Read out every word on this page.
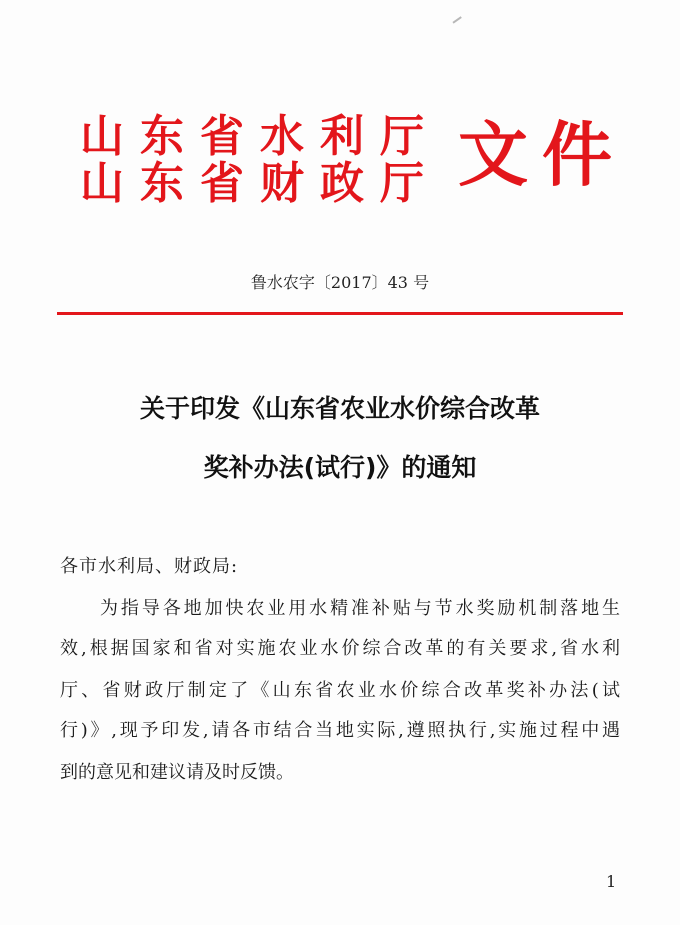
山东省水利厅
山东省财政厅 文件
鲁水农字〔2017〕43 号
关于印发《山东省农业水价综合改革
奖补办法(试行)》的通知
各市水利局、财政局:
为指导各地加快农业用水精准补贴与节水奖励机制落地生
效,根据国家和省对实施农业水价综合改革的有关要求,省水利
厅、省财政厅制定了《山东省农业水价综合改革奖补办法(试
行)》,现予印发,请各市结合当地实际,遵照执行,实施过程中遇
到的意见和建议请及时反馈。
1
